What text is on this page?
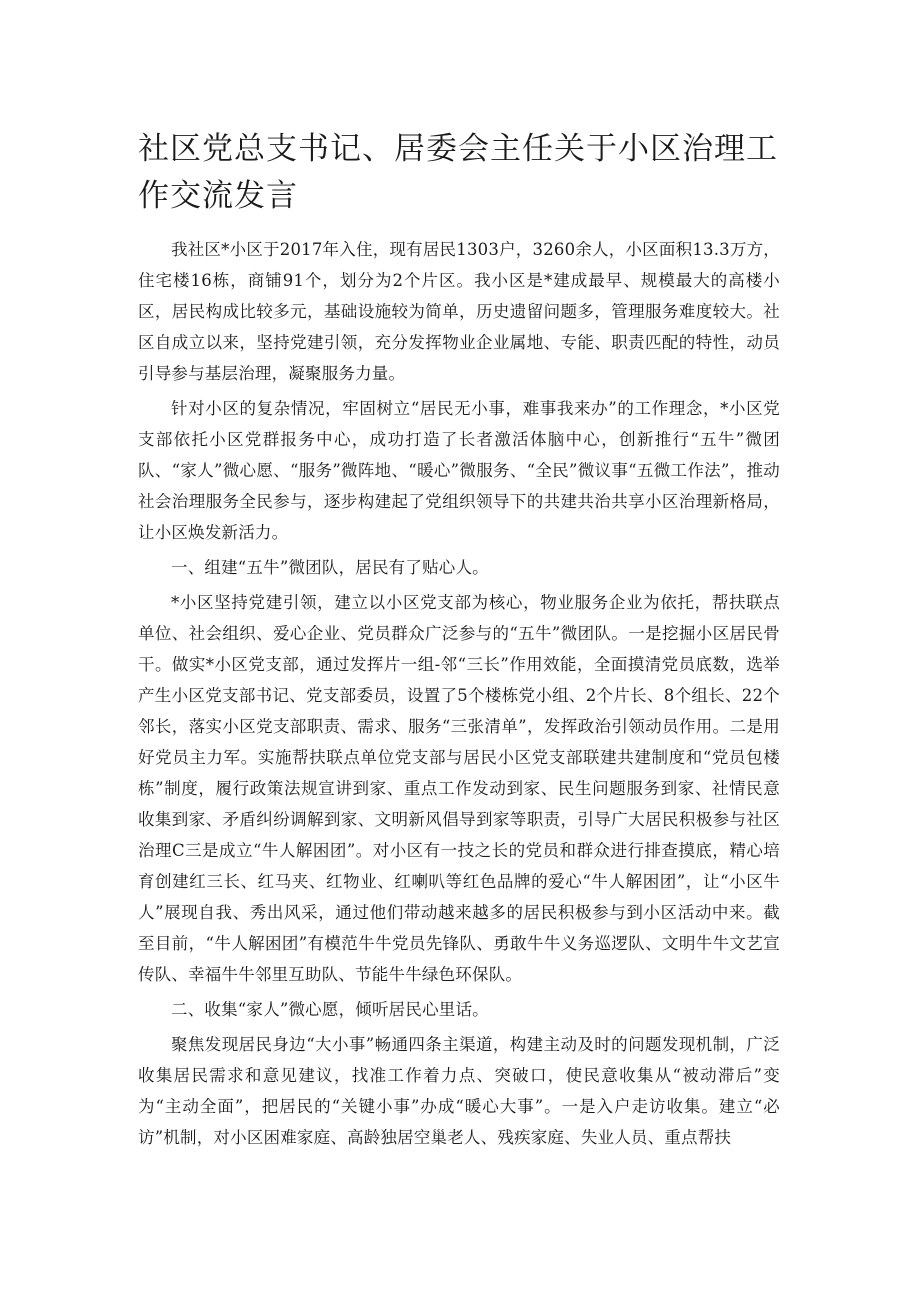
社区党总支书记、居委会主任关于小区治理工作交流发言

我社区*小区于2017年入住，现有居民1303户，3260余人，小区面积13.3万方，住宅楼16栋，商铺91个，划分为2个片区。我小区是*建成最早、规模最大的高楼小区，居民构成比较多元，基础设施较为简单，历史遗留问题多，管理服务难度较大。社区自成立以来，坚持党建引领，充分发挥物业企业属地、专能、职责匹配的特性，动员引导参与基层治理，凝聚服务力量。

针对小区的复杂情况，牢固树立“居民无小事，难事我来办”的工作理念，*小区党支部依托小区党群报务中心，成功打造了长者激活体脑中心，创新推行“五牛”微团队、“家人”微心愿、“服务”微阵地、“暖心”微服务、“全民”微议事“五微工作法”，推动社会治理服务全民参与，逐步构建起了党组织领导下的共建共治共享小区治理新格局，让小区焕发新活力。

一、组建“五牛”微团队，居民有了贴心人。

*小区坚持党建引领，建立以小区党支部为核心，物业服务企业为依托，帮扶联点单位、社会组织、爱心企业、党员群众广泛参与的“五牛”微团队。一是挖掘小区居民骨干。做实*小区党支部，通过发挥片一组-邻“三长”作用效能，全面摸清党员底数，选举产生小区党支部书记、党支部委员，设置了5个楼栋党小组、2个片长、8个组长、22个邻长，落实小区党支部职责、需求、服务“三张清单”，发挥政治引领动员作用。二是用好党员主力军。实施帮扶联点单位党支部与居民小区党支部联建共建制度和“党员包楼栋”制度，履行政策法规宣讲到家、重点工作发动到家、民生问题服务到家、社情民意收集到家、矛盾纠纷调解到家、文明新风倡导到家等职责，引导广大居民积极参与社区治理C三是成立“牛人解困团”。对小区有一技之长的党员和群众进行排查摸底，精心培育创建红三长、红马夹、红物业、红喇叭等红色品牌的爱心“牛人解困团”，让“小区牛人”展现自我、秀出风采，通过他们带动越来越多的居民积极参与到小区活动中来。截至目前，“牛人解困团”有模范牛牛党员先锋队、勇敢牛牛义务巡逻队、文明牛牛文艺宣传队、幸福牛牛邻里互助队、节能牛牛绿色环保队。

二、收集“家人”微心愿，倾听居民心里话。

聚焦发现居民身边“大小事”畅通四条主渠道，构建主动及时的问题发现机制，广泛收集居民需求和意见建议，找准工作着力点、突破口，使民意收集从“被动滞后”变为“主动全面”，把居民的“关键小事”办成“暖心大事”。一是入户走访收集。建立“必访”机制，对小区困难家庭、高龄独居空巢老人、残疾家庭、失业人员、重点帮扶
